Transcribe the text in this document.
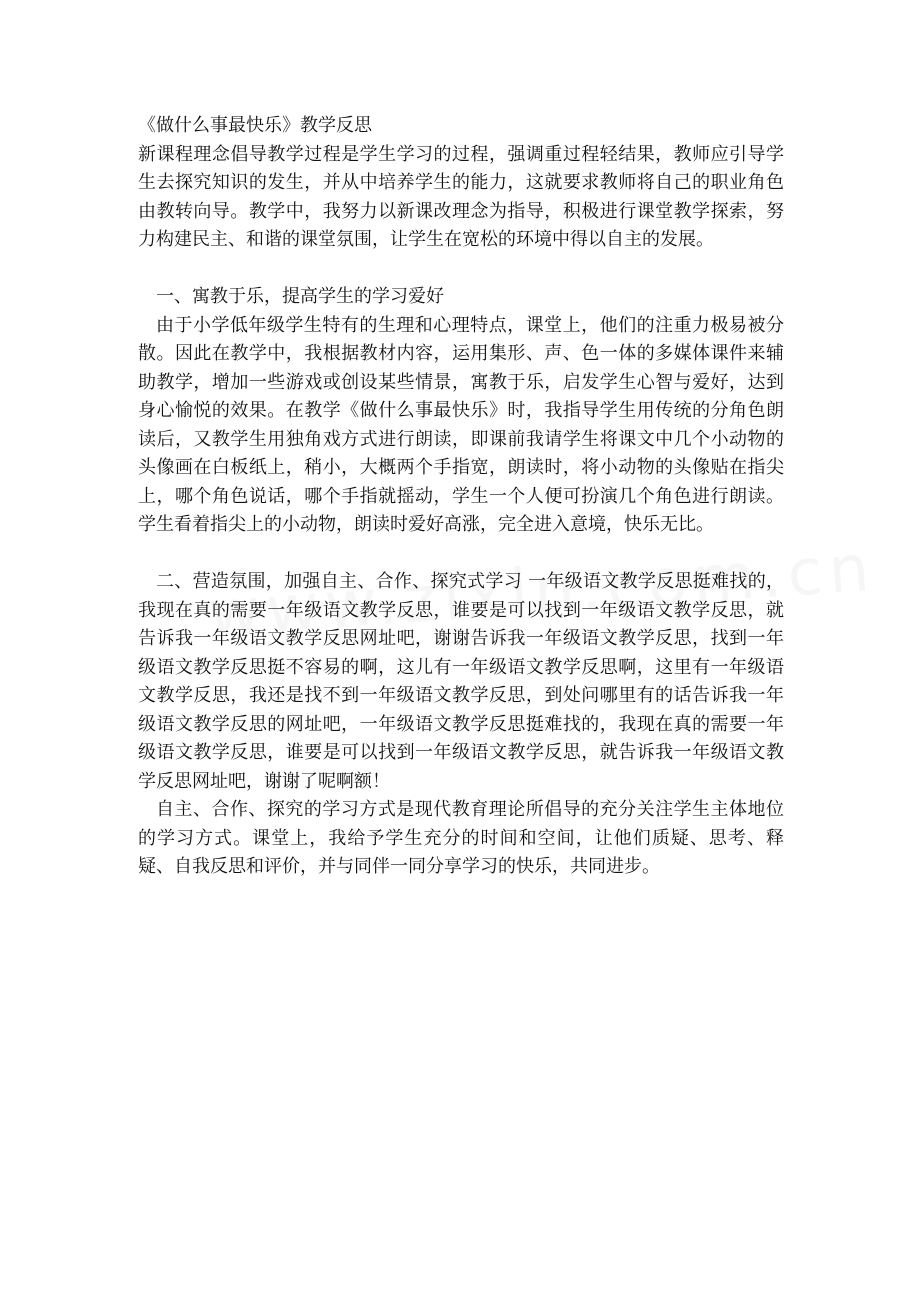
《做什么事最快乐》教学反思

新课程理念倡导教学过程是学生学习的过程，强调重过程轻结果，教师应引导学生去探究知识的发生，并从中培养学生的能力，这就要求教师将自己的职业角色由教转向导。教学中，我努力以新课改理念为指导，积极进行课堂教学探索，努力构建民主、和谐的课堂氛围，让学生在宽松的环境中得以自主的发展。

一、寓教于乐，提高学生的学习爱好

由于小学低年级学生特有的生理和心理特点，课堂上，他们的注重力极易被分散。因此在教学中，我根据教材内容，运用集形、声、色一体的多媒体课件来辅助教学，增加一些游戏或创设某些情景，寓教于乐，启发学生心智与爱好，达到身心愉悦的效果。在教学《做什么事最快乐》时，我指导学生用传统的分角色朗读后，又教学生用独角戏方式进行朗读，即课前我请学生将课文中几个小动物的头像画在白板纸上，稍小，大概两个手指宽，朗读时，将小动物的头像贴在指尖上，哪个角色说话，哪个手指就摇动，学生一个人便可扮演几个角色进行朗读。学生看着指尖上的小动物，朗读时爱好高涨，完全进入意境，快乐无比。

二、营造氛围，加强自主、合作、探究式学习 一年级语文教学反思挺难找的，我现在真的需要一年级语文教学反思，谁要是可以找到一年级语文教学反思，就告诉我一年级语文教学反思网址吧，谢谢告诉我一年级语文教学反思，找到一年级语文教学反思挺不容易的啊，这儿有一年级语文教学反思啊，这里有一年级语文教学反思，我还是找不到一年级语文教学反思，到处问哪里有的话告诉我一年级语文教学反思的网址吧，一年级语文教学反思挺难找的，我现在真的需要一年级语文教学反思，谁要是可以找到一年级语文教学反思，就告诉我一年级语文教学反思网址吧，谢谢了呢啊额！

自主、合作、探究的学习方式是现代教育理论所倡导的充分关注学生主体地位的学习方式。课堂上，我给予学生充分的时间和空间，让他们质疑、思考、释疑、自我反思和评价，并与同伴一同分享学习的快乐，共同进步。
